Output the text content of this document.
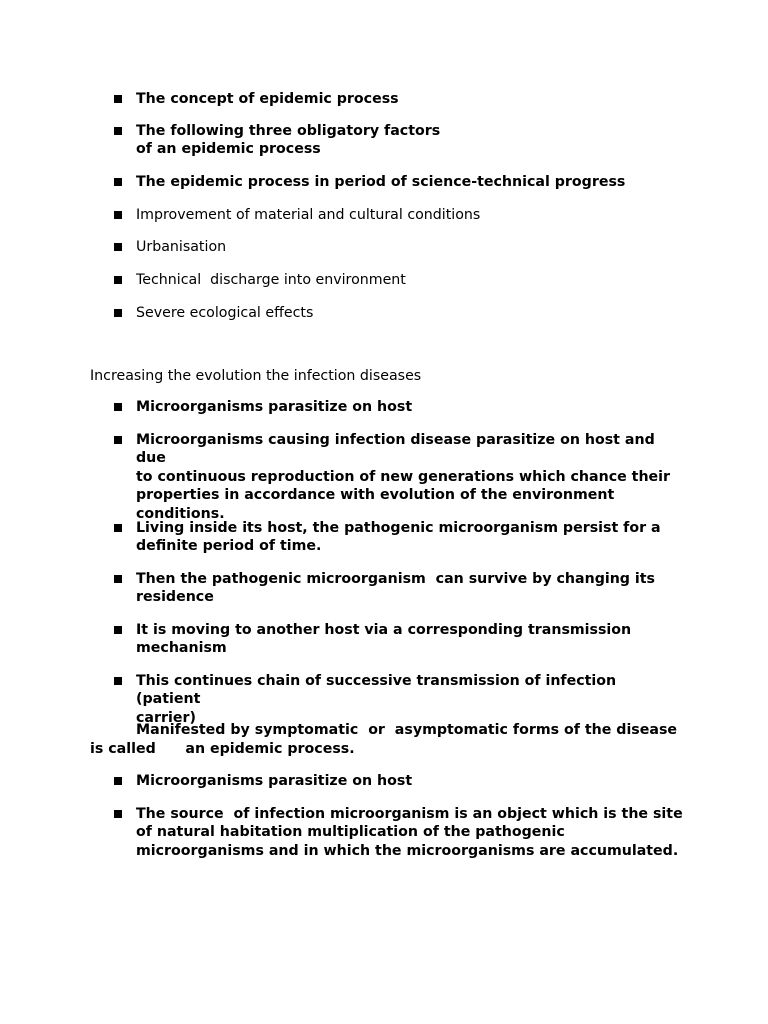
The concept of epidemic process
The following three obligatory factors
of an epidemic process
The epidemic process in period of science-technical progress
Improvement of material and cultural conditions
Urbanisation
Technical  discharge into environment
Severe ecological effects
Increasing the evolution the infection diseases
Microorganisms parasitize on host
Microorganisms causing infection disease parasitize on host and due
to continuous reproduction of new generations which chance their
properties in accordance with evolution of the environment
conditions.
Living inside its host, the pathogenic microorganism persist for a
definite period of time.
Then the pathogenic microorganism  can survive by changing its
residence
It is moving to another host via a corresponding transmission
mechanism
This continues chain of successive transmission of infection (patient
carrier)
Manifested by symptomatic  or  asymptomatic forms of the disease
is called      an epidemic process.
Microorganisms parasitize on host
The source  of infection microorganism is an object which is the site
of natural habitation multiplication of the pathogenic
microorganisms and in which the microorganisms are accumulated.
